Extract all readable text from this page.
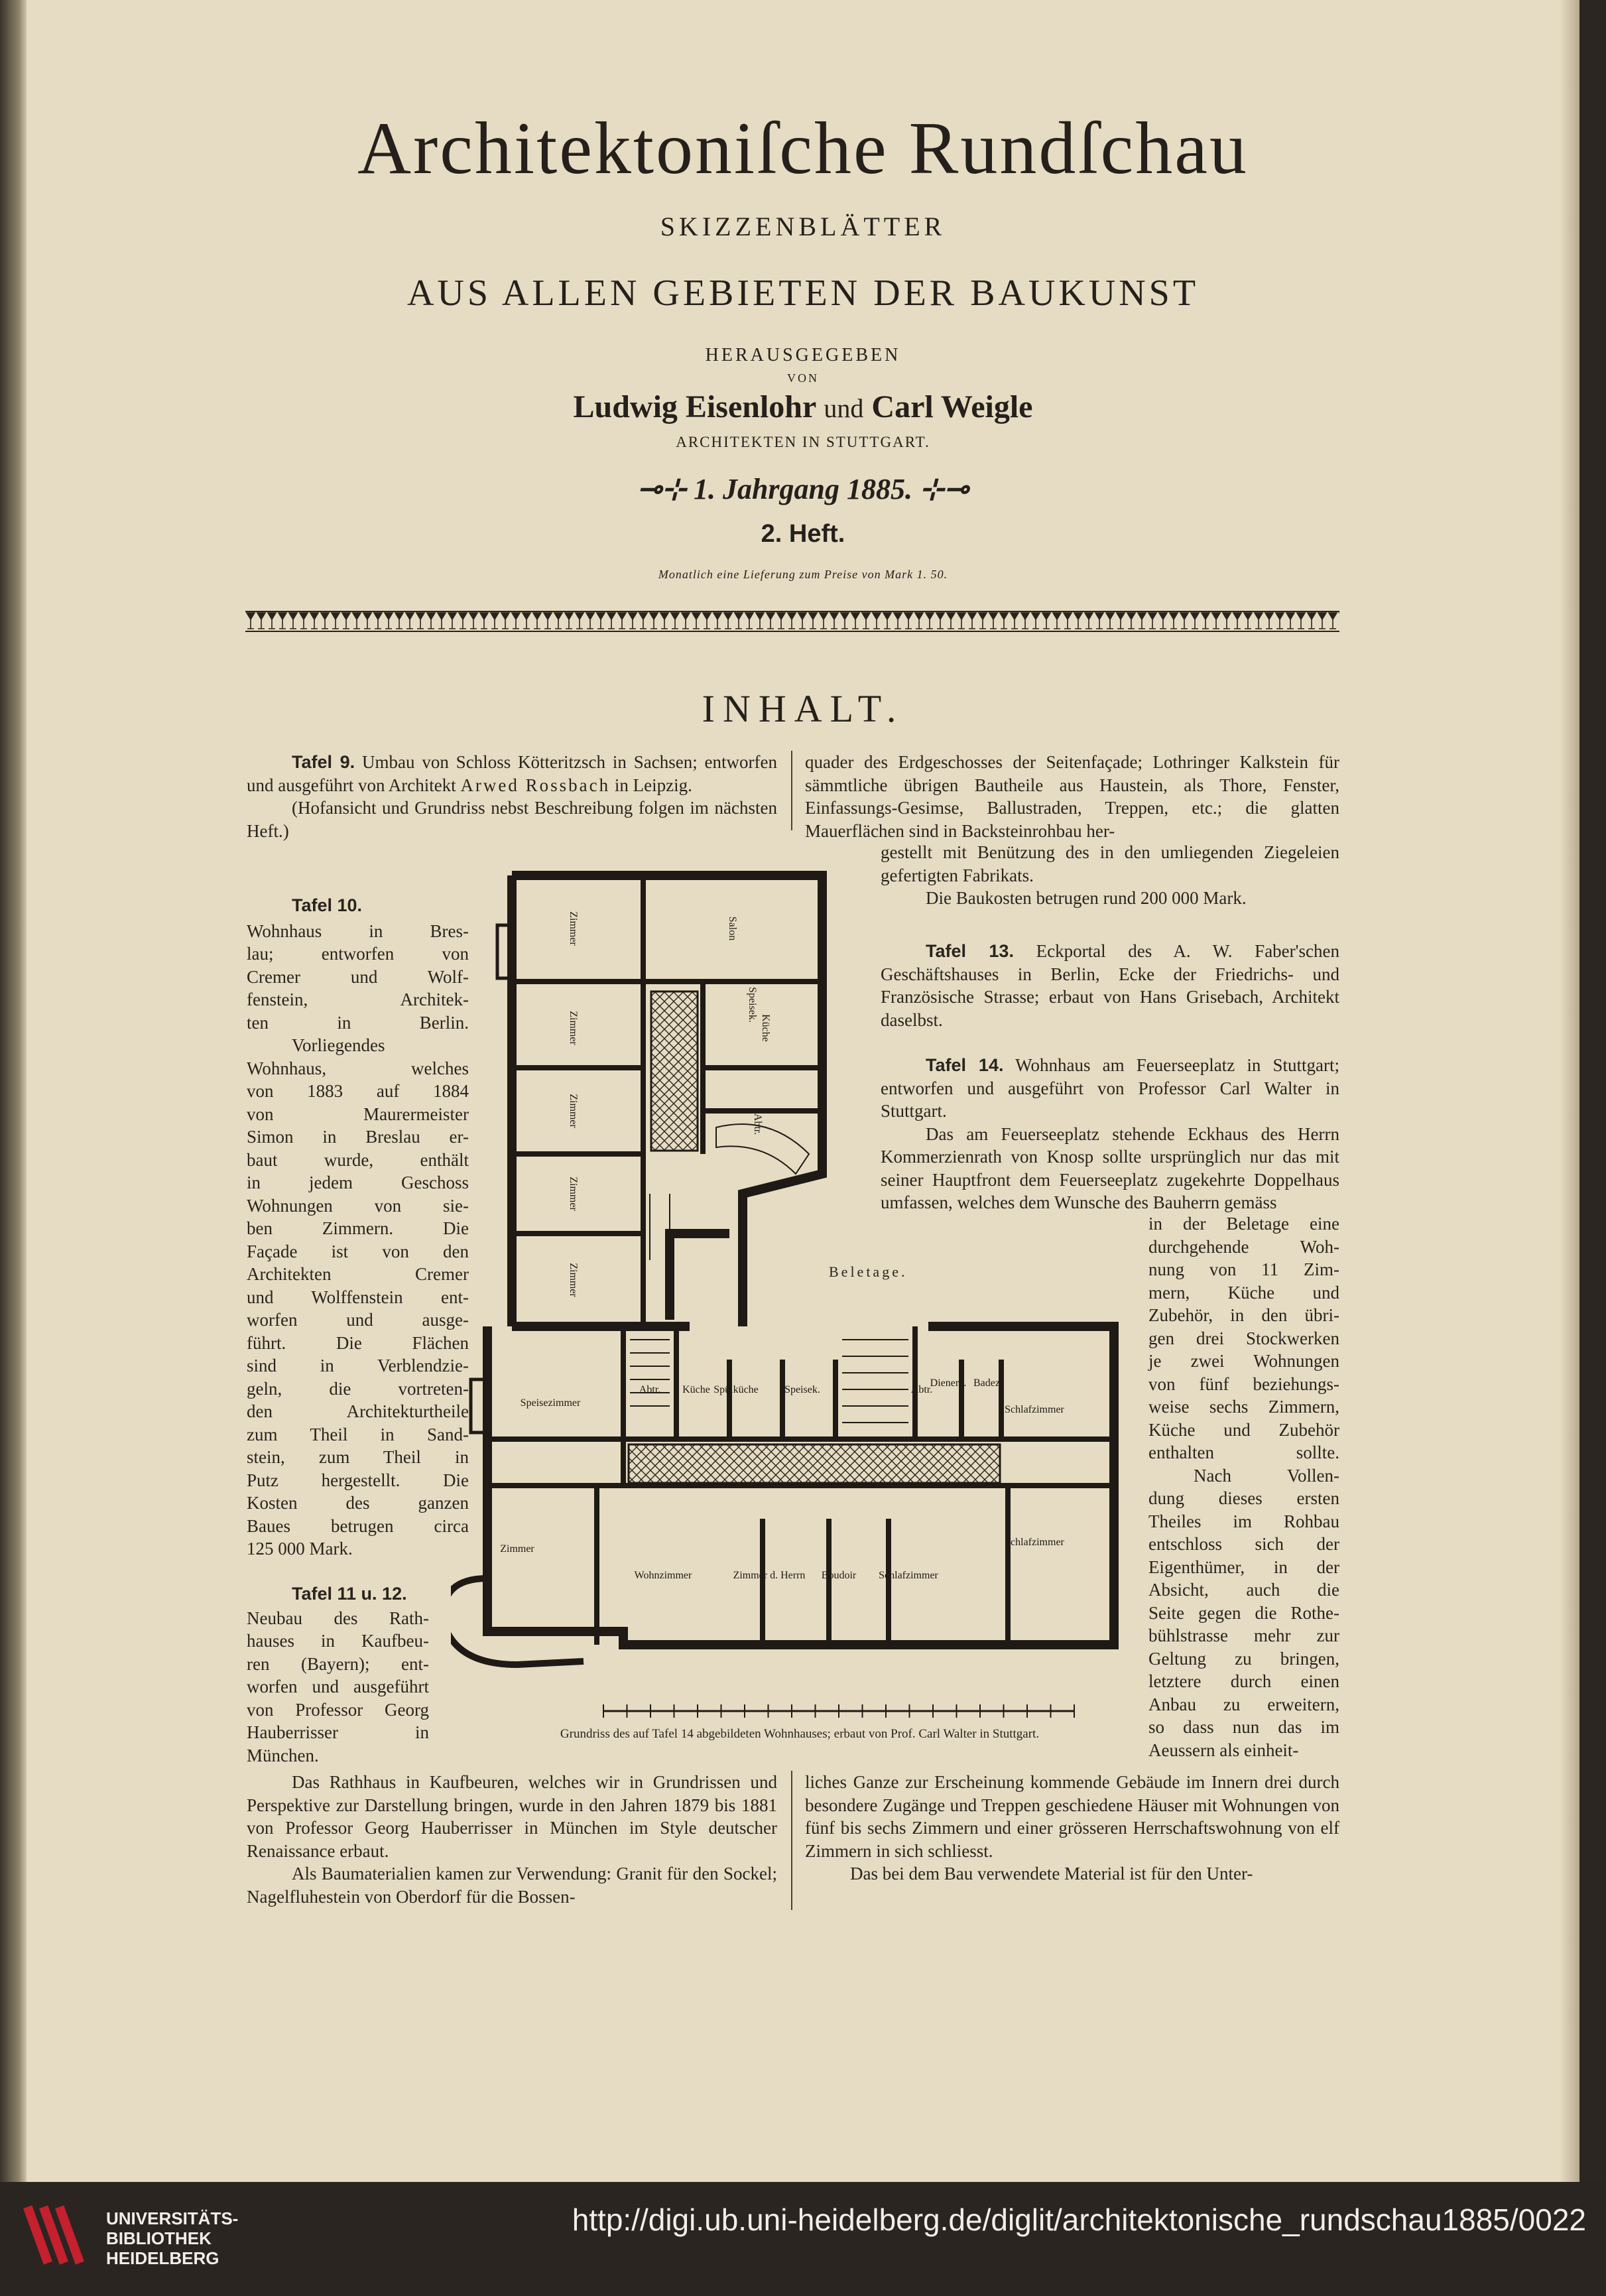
Architektoniſche Rundſchau
SKIZZENBLÄTTER
AUS ALLEN GEBIETEN DER BAUKUNST
HERAUSGEGEBEN
VON
Ludwig Eisenlohr und Carl Weigle
ARCHITEKTEN IN STUTTGART.
⊸⊹ 1. Jahrgang 1885. ⊹⊸
2. Heft.
Monatlich eine Lieferung zum Preise von Mark 1. 50.
INHALT.

Tafel 9. Umbau von Schloss Kötteritzsch in Sachsen; entworfen und ausgeführt von Architekt Arwed Rossbach in Leipzig.

(Hofansicht und Grundriss nebst Beschreibung folgen im nächsten Heft.)

Tafel 10.

Wohnhaus in Bres-
lau; entworfen von
Cremer und Wolf-
fenstein, Architek-
ten in Berlin.
Vorliegendes
Wohnhaus, welches
von 1883 auf 1884
von Maurermeister
Simon in Breslau er-
baut wurde, enthält
in jedem Geschoss
Wohnungen von sie-
ben Zimmern. Die
Façade ist von den
Architekten Cremer
und Wolffenstein ent-
worfen und ausge-
führt. Die Flächen
sind in Verblendzie-
geln, die vortreten-
den Architekturtheile
zum Theil in Sand-
stein, zum Theil in
Putz hergestellt. Die
Kosten des ganzen
Baues betrugen circa
125 000 Mark.

Tafel 11 u. 12.

Neubau des Rath-
hauses in Kaufbeu-
ren (Bayern); ent-
worfen und ausgeführt
von Professor Georg
Hauberrisser in
München.

Das Rathhaus in Kaufbeuren, welches wir in Grundrissen und Perspektive zur Darstellung bringen, wurde in den Jahren 1879 bis 1881 von Professor Georg Hauberrisser in München im Style deutscher Renaissance erbaut.

Als Baumaterialien kamen zur Verwendung: Granit für den Sockel; Nagelfluhestein von Oberdorf für die Bossen-

quader des Erdgeschosses der Seitenfaçade; Lothringer Kalkstein für sämmtliche übrigen Bautheile aus Haustein, als Thore, Fenster, Einfassungs-Gesimse, Ballustraden, Treppen, etc.; die glatten Mauerflächen sind in Backsteinrohbau her-

gestellt mit Benützung des in den umliegenden Ziegeleien gefertigten Fabrikats.

Die Baukosten betrugen rund 200 000 Mark.

Tafel 13. Eckportal des A. W. Faber'schen Geschäftshauses in Berlin, Ecke der Friedrichs- und Französische Strasse; erbaut von Hans Grisebach, Architekt daselbst.

Tafel 14. Wohnhaus am Feuerseeplatz in Stuttgart; entworfen und ausgeführt von Professor Carl Walter in Stuttgart.

Das am Feuerseeplatz stehende Eckhaus des Herrn Kommerzienrath von Knosp sollte ursprünglich nur das mit seiner Hauptfront dem Feuerseeplatz zugekehrte Doppelhaus umfassen, welches dem Wunsche des Bauherrn gemäss

in der Beletage eine
durchgehende Woh-
nung von 11 Zim-
mern, Küche und
Zubehör, in den übri-
gen drei Stockwerken
je zwei Wohnungen
von fünf beziehungs-
weise sechs Zimmern,
Küche und Zubehör
enthalten sollte.
Nach Vollen-
dung dieses ersten
Theiles im Rohbau
entschloss sich der
Eigenthümer, in der
Absicht, auch die
Seite gegen die Rothe-
bühlstrasse mehr zur
Geltung zu bringen,
letztere durch einen
Anbau zu erweitern,
so dass nun das im
Aeussern als einheit-

liches Ganze zur Erscheinung kommende Gebäude im Innern drei durch besondere Zugänge und Treppen geschiedene Häuser mit Wohnungen von fünf bis sechs Zimmern und einer grösseren Herrschaftswohnung von elf Zimmern in sich schliesst.

Das bei dem Bau verwendete Material ist für den Unter-

Zimmer	Salon
Zimmer
Zimmer
Zimmer
Zimmer
Küche
Speisek.
Abtr.
Speisezimmer
Abtr. Küche Spülküche Speisek.	Abtr.
Dienerz. Badez.
Schlafzimmer
Zimmer
Wohnzimmer	Zimmer d. Herrn Boudoir Schlafzimmer
Schlafzimmer
Beletage.
Grundriss des auf Tafel 14 abgebildeten Wohnhauses; erbaut von Prof. Carl Walter in Stuttgart.
UNIVERSITÄTS-
BIBLIOTHEK
HEIDELBERG
http://digi.ub.uni-heidelberg.de/diglit/architektonische_rundschau1885/0022
